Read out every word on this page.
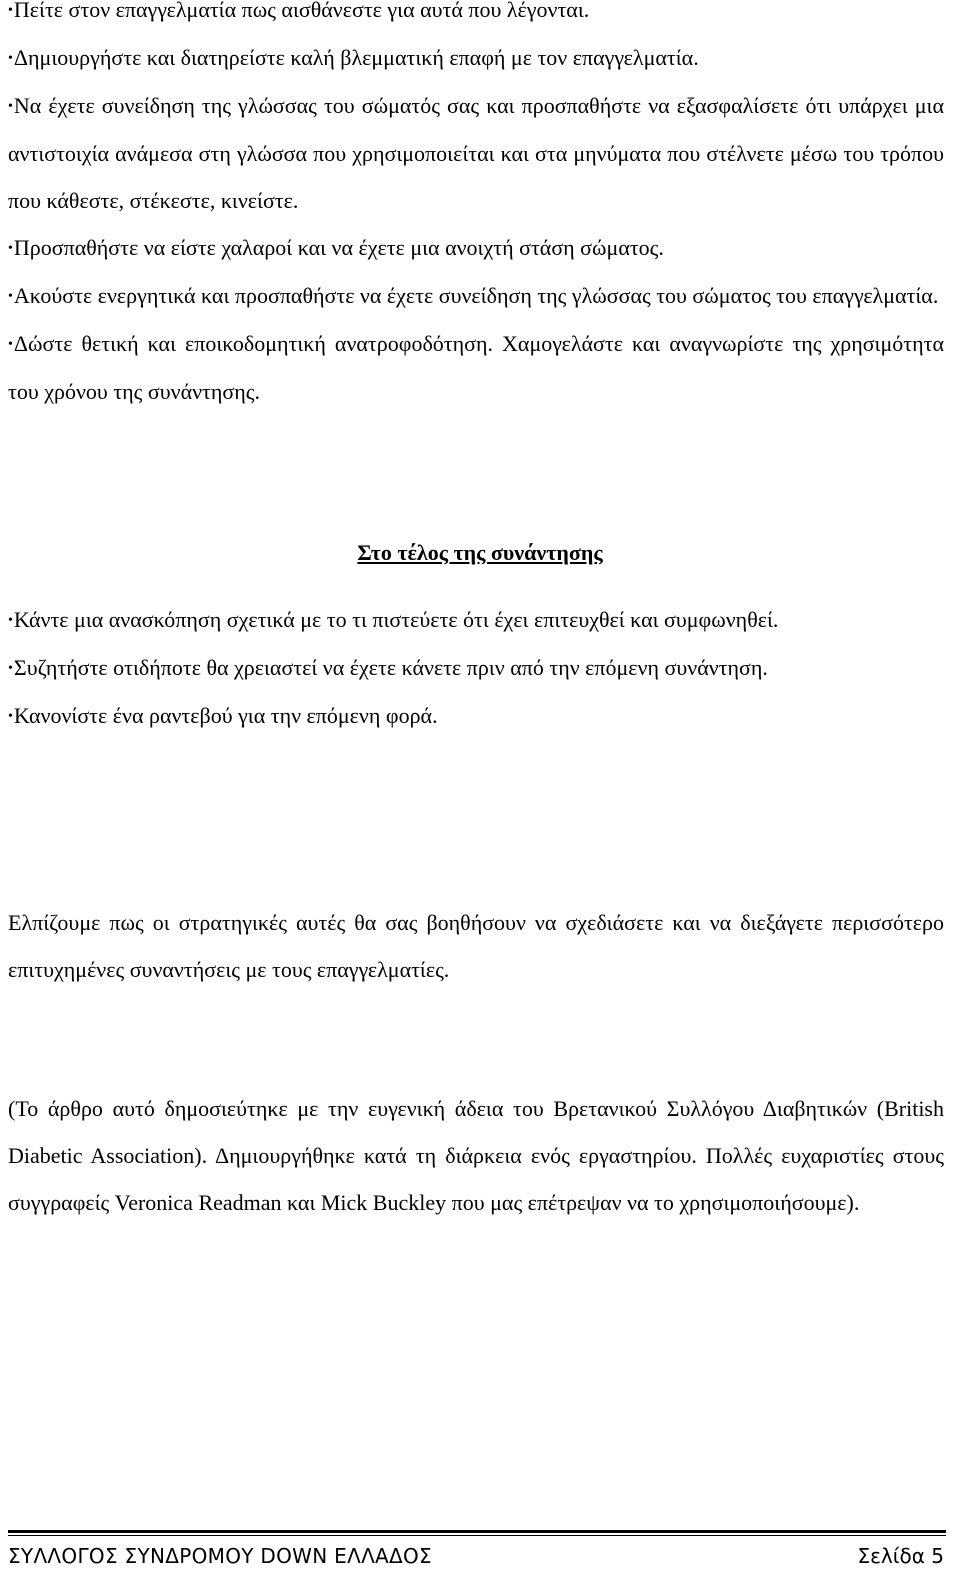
•Πείτε στον επαγγελματία πως αισθάνεστε για αυτά που λέγονται.

•Δημιουργήστε και διατηρείστε καλή βλεμματική επαφή με τον επαγγελματία.

•Να έχετε συνείδηση της γλώσσας του σώματός σας και προσπαθήστε να εξασφαλίσετε ότι υπάρχει μια αντιστοιχία ανάμεσα στη γλώσσα που χρησιμοποιείται και στα μηνύματα που στέλνετε μέσω του τρόπου που κάθεστε, στέκεστε, κινείστε.

•Προσπαθήστε να είστε χαλαροί και να έχετε μια ανοιχτή στάση σώματος.

•Ακούστε ενεργητικά και προσπαθήστε να έχετε συνείδηση της γλώσσας του σώματος του επαγγελματία.

•Δώστε θετική και εποικοδομητική ανατροφοδότηση. Χαμογελάστε και αναγνωρίστε της χρησιμότητα του χρόνου της συνάντησης.

Στο τέλος της συνάντησης

•Κάντε μια ανασκόπηση σχετικά με το τι πιστεύετε ότι έχει επιτευχθεί και συμφωνηθεί.

•Συζητήστε οτιδήποτε θα χρειαστεί να έχετε κάνετε πριν από την επόμενη συνάντηση.

•Κανονίστε ένα ραντεβού για την επόμενη φορά.

Ελπίζουμε πως οι στρατηγικές αυτές θα σας βοηθήσουν να σχεδιάσετε και να διεξάγετε περισσότερο επιτυχημένες συναντήσεις με τους επαγγελματίες.
(Το άρθρο αυτό δημοσιεύτηκε με την ευγενική άδεια του Βρετανικού Συλλόγου Διαβητικών (British Diabetic Association). Δημιουργήθηκε κατά τη διάρκεια ενός εργαστηρίου. Πολλές ευχαριστίες στους συγγραφείς Veronica Readman και Mick Buckley που μας επέτρεψαν να το χρησιμοποιήσουμε).
ΣΥΛΛΟΓΟΣ ΣΥΝΔΡΟΜΟΥ DOWN ΕΛΛΑΔΟΣ	Σελίδα 5
